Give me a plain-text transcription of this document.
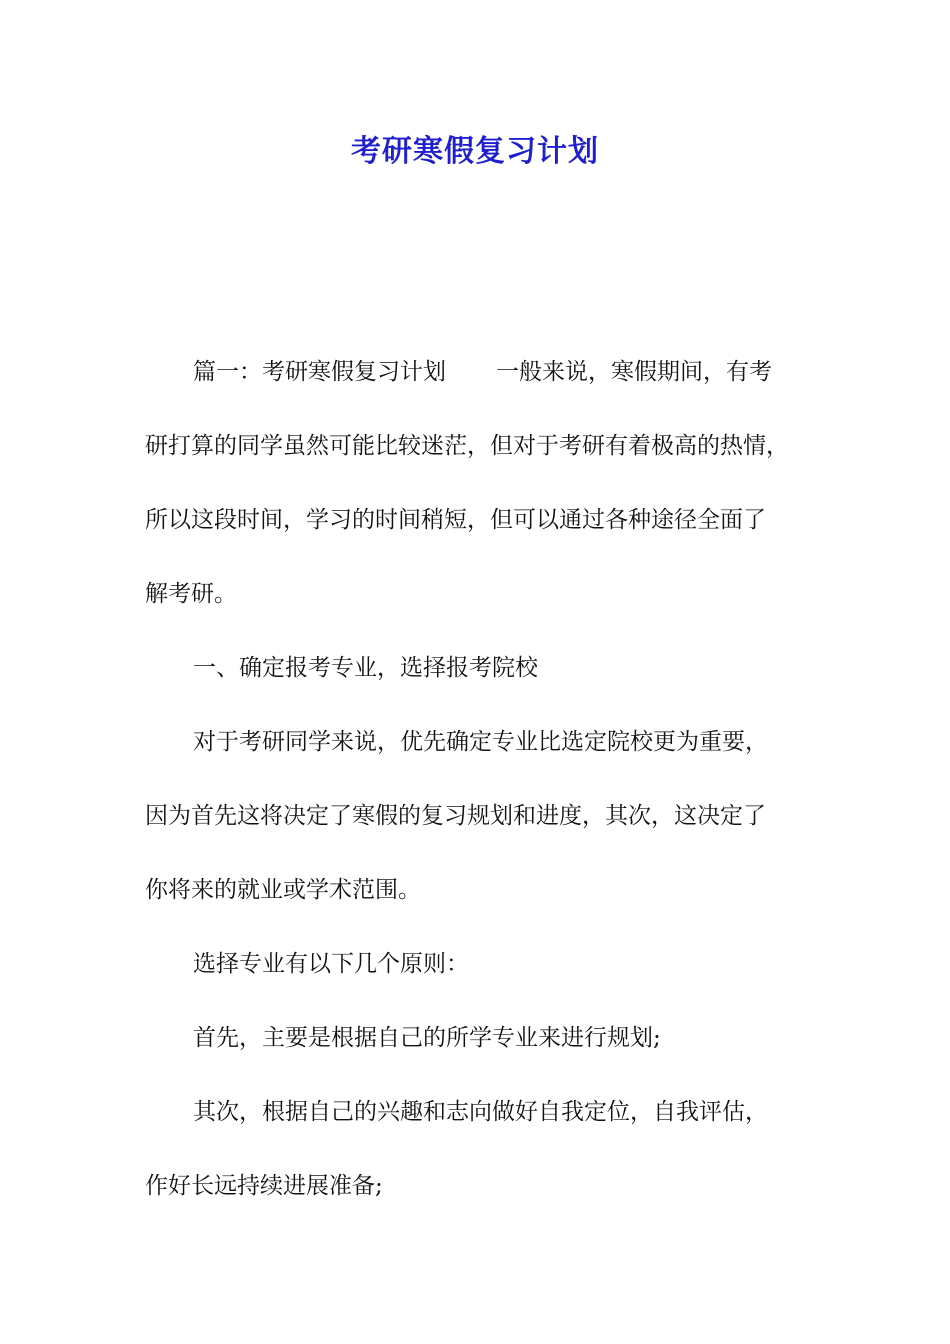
考研寒假复习计划
篇一：考研寒假复习计划 一般来说，寒假期间，有考
研打算的同学虽然可能比较迷茫，但对于考研有着极高的热情，
所以这段时间，学习的时间稍短，但可以通过各种途径全面了
解考研。
一、确定报考专业，选择报考院校
对于考研同学来说，优先确定专业比选定院校更为重要，
因为首先这将决定了寒假的复习规划和进度，其次，这决定了
你将来的就业或学术范围。
选择专业有以下几个原则：
首先，主要是根据自己的所学专业来进行规划;
其次，根据自己的兴趣和志向做好自我定位，自我评估，
作好长远持续进展准备;
